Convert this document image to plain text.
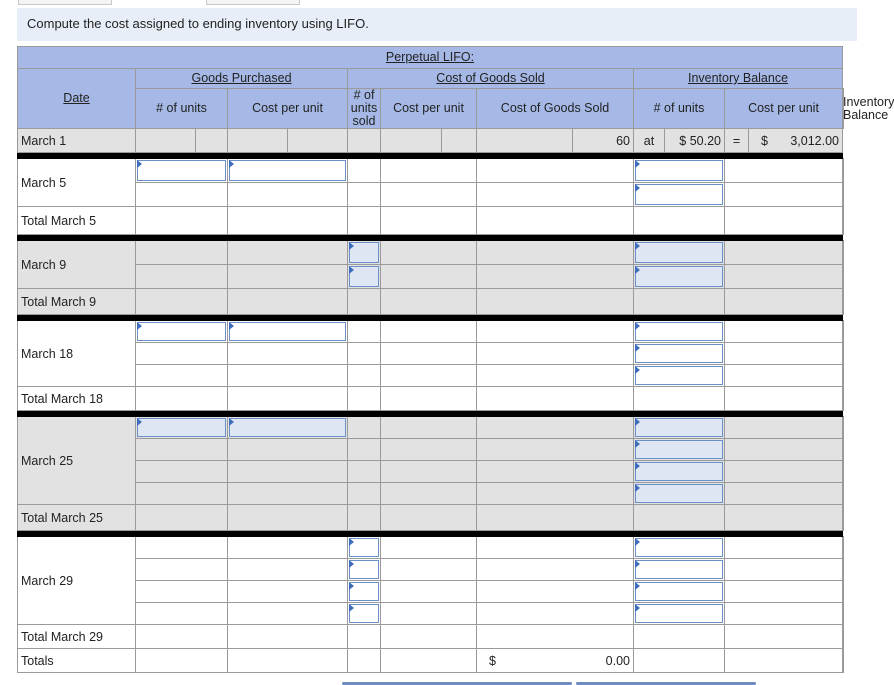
Compute the cost assigned to ending inventory using LIFO.
Perpetual LIFO:														
Date	Goods Purchased				Cost of Goods Sold					Inventory Balance				
	# of units		Cost per unit		# of units sold	Cost per unit		Cost of Goods Sold		# of units		Cost per unit		Inventory Balance
March 1									60	at	$ 50.20	=	$ 3,012.00	

March 5							

Total March 5														

March 9									

Total March 9														

March 18							

Total March 18														

March 25							

Total March 25														

March 29									

Total March 29														
Totals								$ 0.00						
